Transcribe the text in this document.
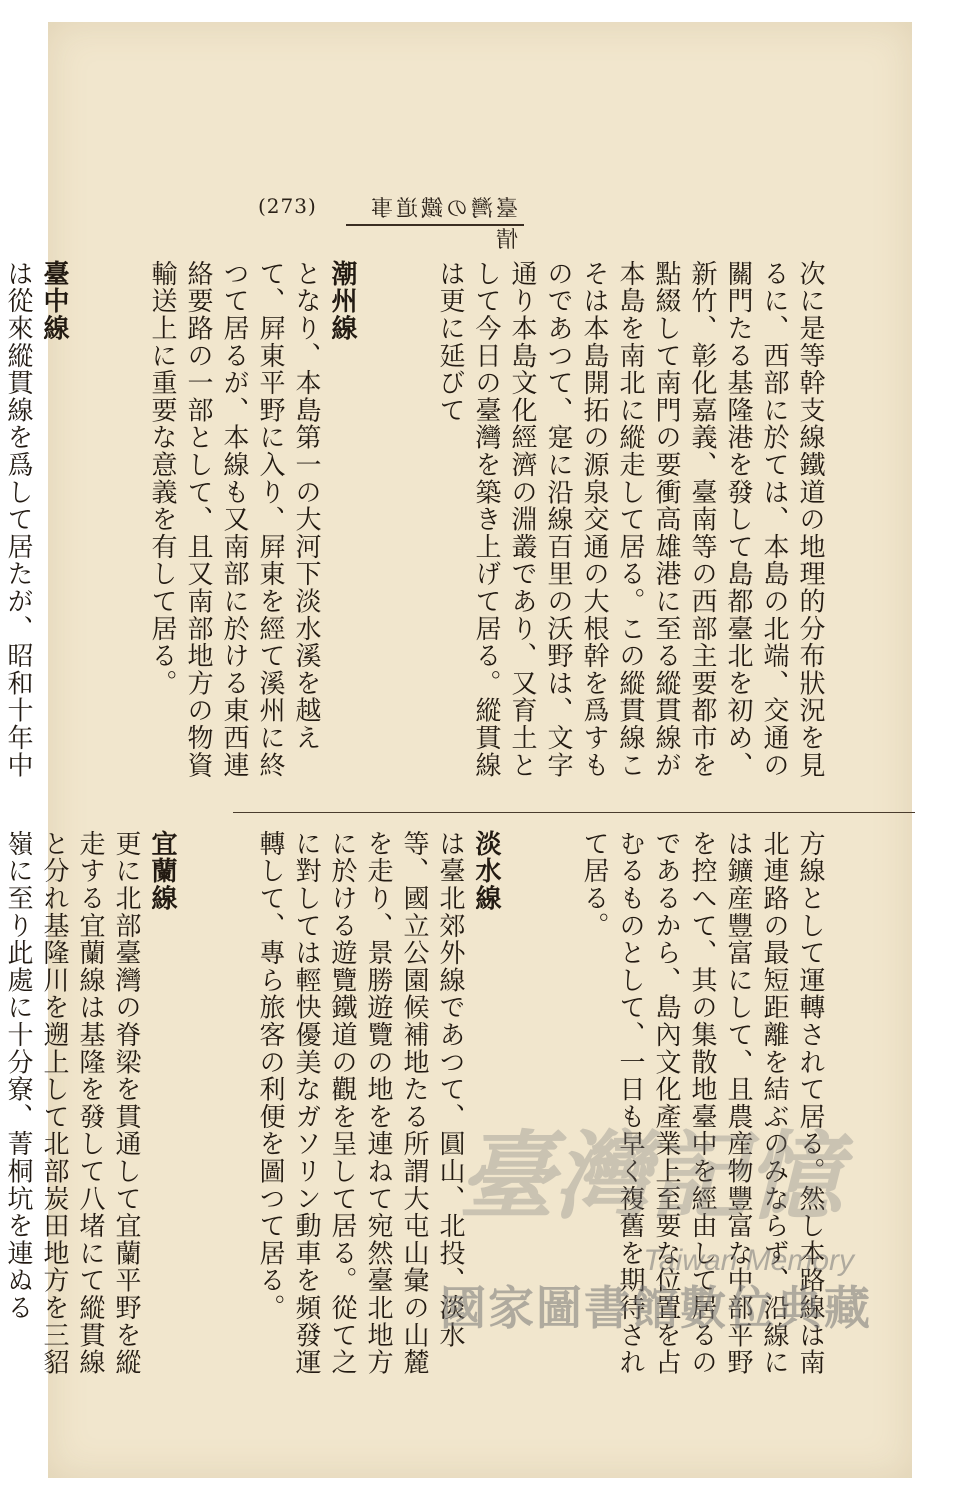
(273)	臺灣の鐵道事情

次に是等幹支線鐵道の地理的分布狀況を見るに、西部に於ては、本島の北端、交通の關門たる基隆港を發して島都臺北を初め、新竹、彰化嘉義、臺南等の西部主要都市を點綴して南門の要衝高雄港に至る縱貫線が本島を南北に縱走して居る。この縱貫線こそは本島開拓の源泉交通の大根幹を爲すものであつて、寔に沿線百里の沃野は、文字通り本島文化經濟の淵叢であり、又育土として今日の臺灣を築き上げて居る。縱貫線は更に延びて

潮州線
となり、本島第一の大河下淡水溪を越えて、屛東平野に入り、屛東を經て溪州に終つて居るが、本線も又南部に於ける東西連絡要路の一部として、且又南部地方の物資輸送上に重要な意義を有して居る。

臺中線
は從來縱貫線を爲して居たが、昭和十年中

方線として運轉されて居る。然し本路線は南北連路の最短距離を結ぶのみならず、沿線には鑛産豐富にして、且農産物豐富な中部平野を控へて、其の集散地臺中を經由して居るのであるから、島內文化產業上至要な位置を占むるものとして、一日も早く複舊を期待されて居る。

淡水線
は臺北郊外線であつて、圓山、北投、淡水等、國立公園候補地たる所謂大屯山彙の山麓を走り、景勝遊覽の地を連ねて宛然臺北地方に於ける遊覽鐵道の觀を呈して居る。從て之に對しては輕快優美なガソリン動車を頻發運轉して、專ら旅客の利便を圖つて居る。

宜蘭線
更に北部臺灣の脊梁を貫通して宜蘭平野を縱走する宜蘭線は基隆を發して八堵にて縱貫線と分れ基隆川を遡上して北部炭田地方を三貂嶺に至り此處に十分寮、菁桐坑を連ぬる	臺灣記憶
Taiwan Memory
國家圖書館數位典藏
